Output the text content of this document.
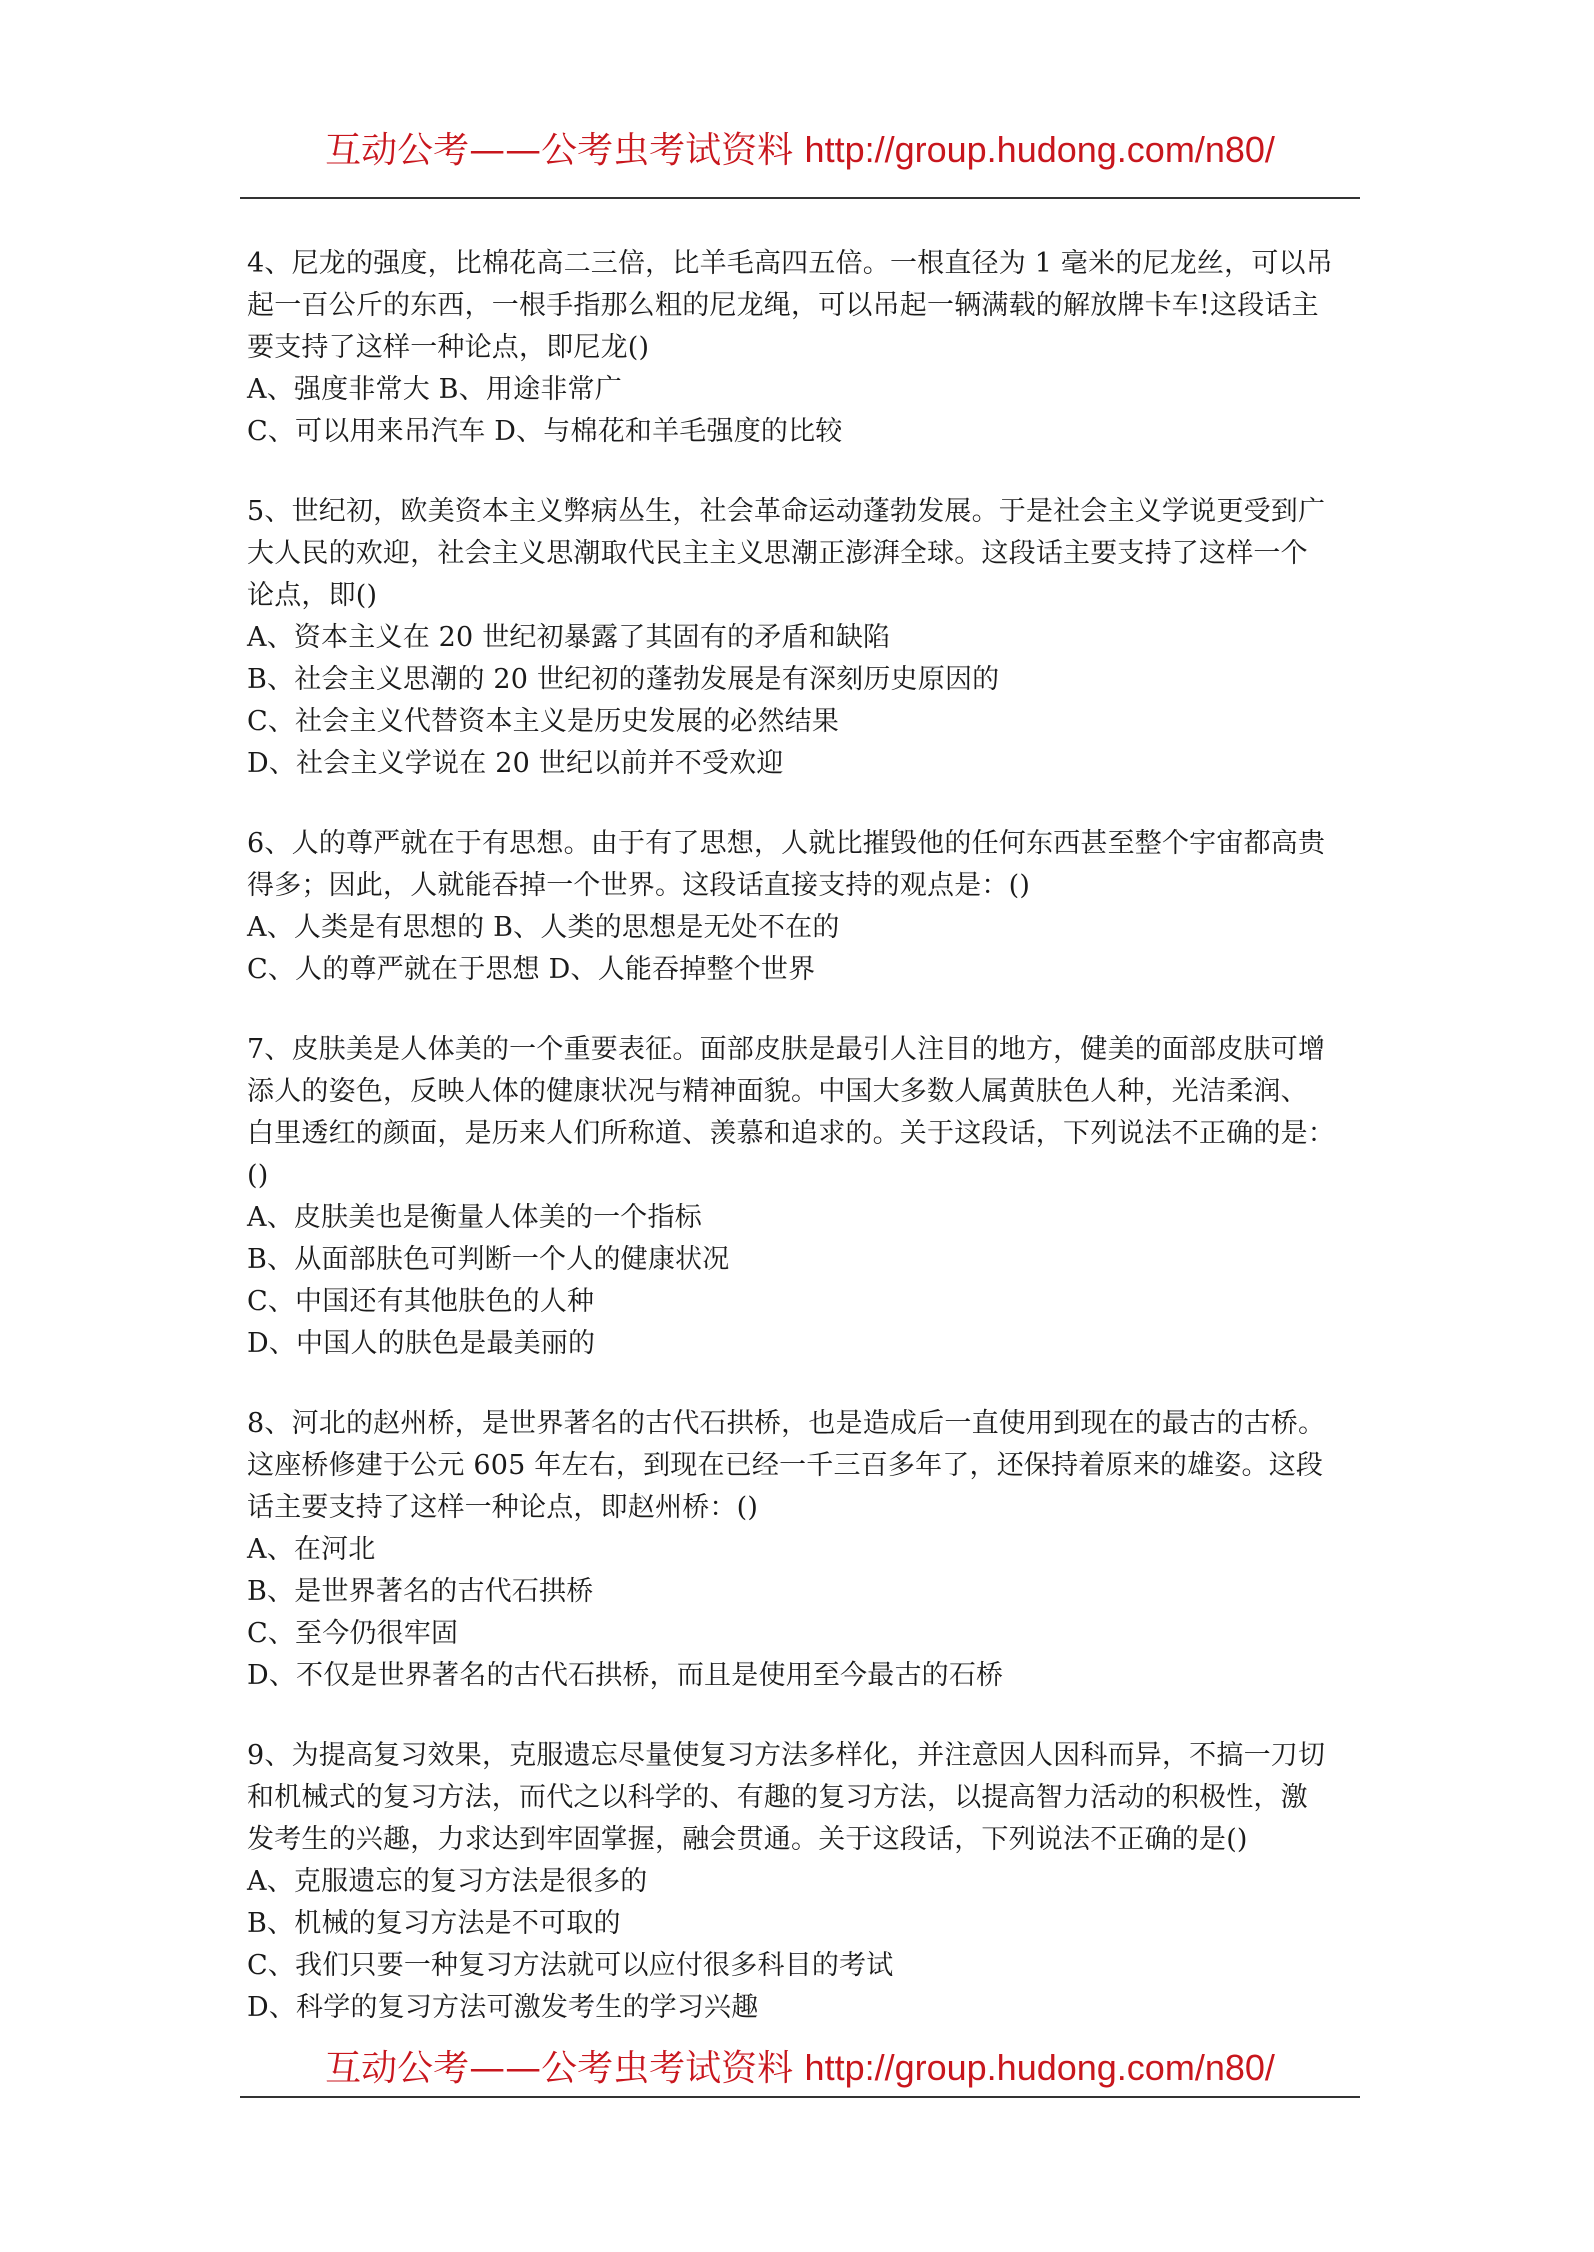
互动公考——公考虫考试资料 http://group.hudong.com/n80/
4、尼龙的强度，比棉花高二三倍，比羊毛高四五倍。一根直径为 1 毫米的尼龙丝，可以吊
起一百公斤的东西，一根手指那么粗的尼龙绳，可以吊起一辆满载的解放牌卡车!这段话主
要支持了这样一种论点，即尼龙()
A、强度非常大 B、用途非常广
C、可以用来吊汽车 D、与棉花和羊毛强度的比较
5、世纪初，欧美资本主义弊病丛生，社会革命运动蓬勃发展。于是社会主义学说更受到广
大人民的欢迎，社会主义思潮取代民主主义思潮正澎湃全球。这段话主要支持了这样一个
论点，即()
A、资本主义在 20 世纪初暴露了其固有的矛盾和缺陷
B、社会主义思潮的 20 世纪初的蓬勃发展是有深刻历史原因的
C、社会主义代替资本主义是历史发展的必然结果
D、社会主义学说在 20 世纪以前并不受欢迎
6、人的尊严就在于有思想。由于有了思想，人就比摧毁他的任何东西甚至整个宇宙都高贵
得多；因此，人就能吞掉一个世界。这段话直接支持的观点是：()
A、人类是有思想的 B、人类的思想是无处不在的
C、人的尊严就在于思想 D、人能吞掉整个世界
7、皮肤美是人体美的一个重要表征。面部皮肤是最引人注目的地方，健美的面部皮肤可增
添人的姿色，反映人体的健康状况与精神面貌。中国大多数人属黄肤色人种，光洁柔润、
白里透红的颜面，是历来人们所称道、羡慕和追求的。关于这段话，下列说法不正确的是：
()
A、皮肤美也是衡量人体美的一个指标
B、从面部肤色可判断一个人的健康状况
C、中国还有其他肤色的人种
D、中国人的肤色是最美丽的
8、河北的赵州桥，是世界著名的古代石拱桥，也是造成后一直使用到现在的最古的古桥。
这座桥修建于公元 605 年左右，到现在已经一千三百多年了，还保持着原来的雄姿。这段
话主要支持了这样一种论点，即赵州桥：()
A、在河北
B、是世界著名的古代石拱桥
C、至今仍很牢固
D、不仅是世界著名的古代石拱桥，而且是使用至今最古的石桥
9、为提高复习效果，克服遗忘尽量使复习方法多样化，并注意因人因科而异，不搞一刀切
和机械式的复习方法，而代之以科学的、有趣的复习方法，以提高智力活动的积极性，激
发考生的兴趣，力求达到牢固掌握，融会贯通。关于这段话，下列说法不正确的是()
A、克服遗忘的复习方法是很多的
B、机械的复习方法是不可取的
C、我们只要一种复习方法就可以应付很多科目的考试
D、科学的复习方法可激发考生的学习兴趣
互动公考——公考虫考试资料 http://group.hudong.com/n80/
